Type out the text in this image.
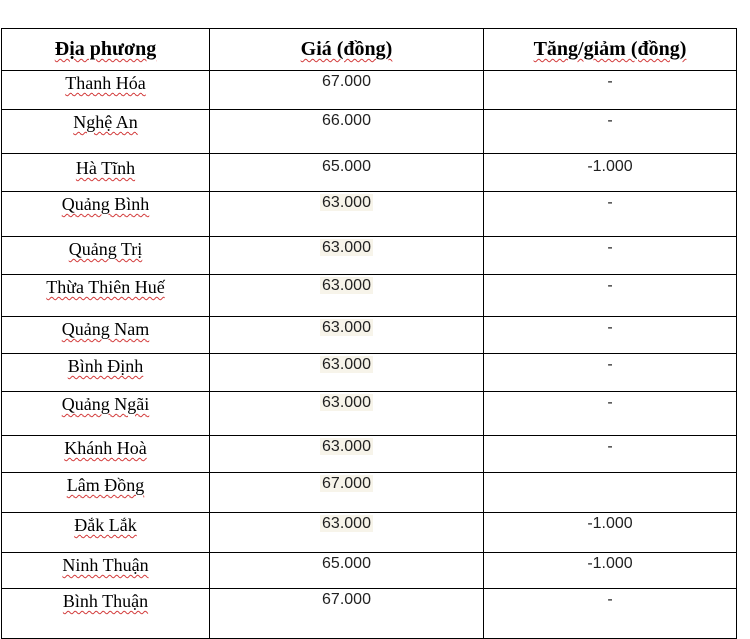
Địa phương	Giá (đồng)	Tăng/giảm (đồng)
Thanh Hóa	67.000	-
Nghệ An	66.000	-
Hà Tĩnh	65.000	-1.000
Quảng Bình	63.000	-
Quảng Trị	63.000	-
Thừa Thiên Huế	63.000	-
Quảng Nam	63.000	-
Bình Định	63.000	-
Quảng Ngãi	63.000	-
Khánh Hoà	63.000	-
Lâm Đồng	67.000	
Đắk Lắk	63.000	-1.000
Ninh Thuận	65.000	-1.000
Bình Thuận	67.000	-
